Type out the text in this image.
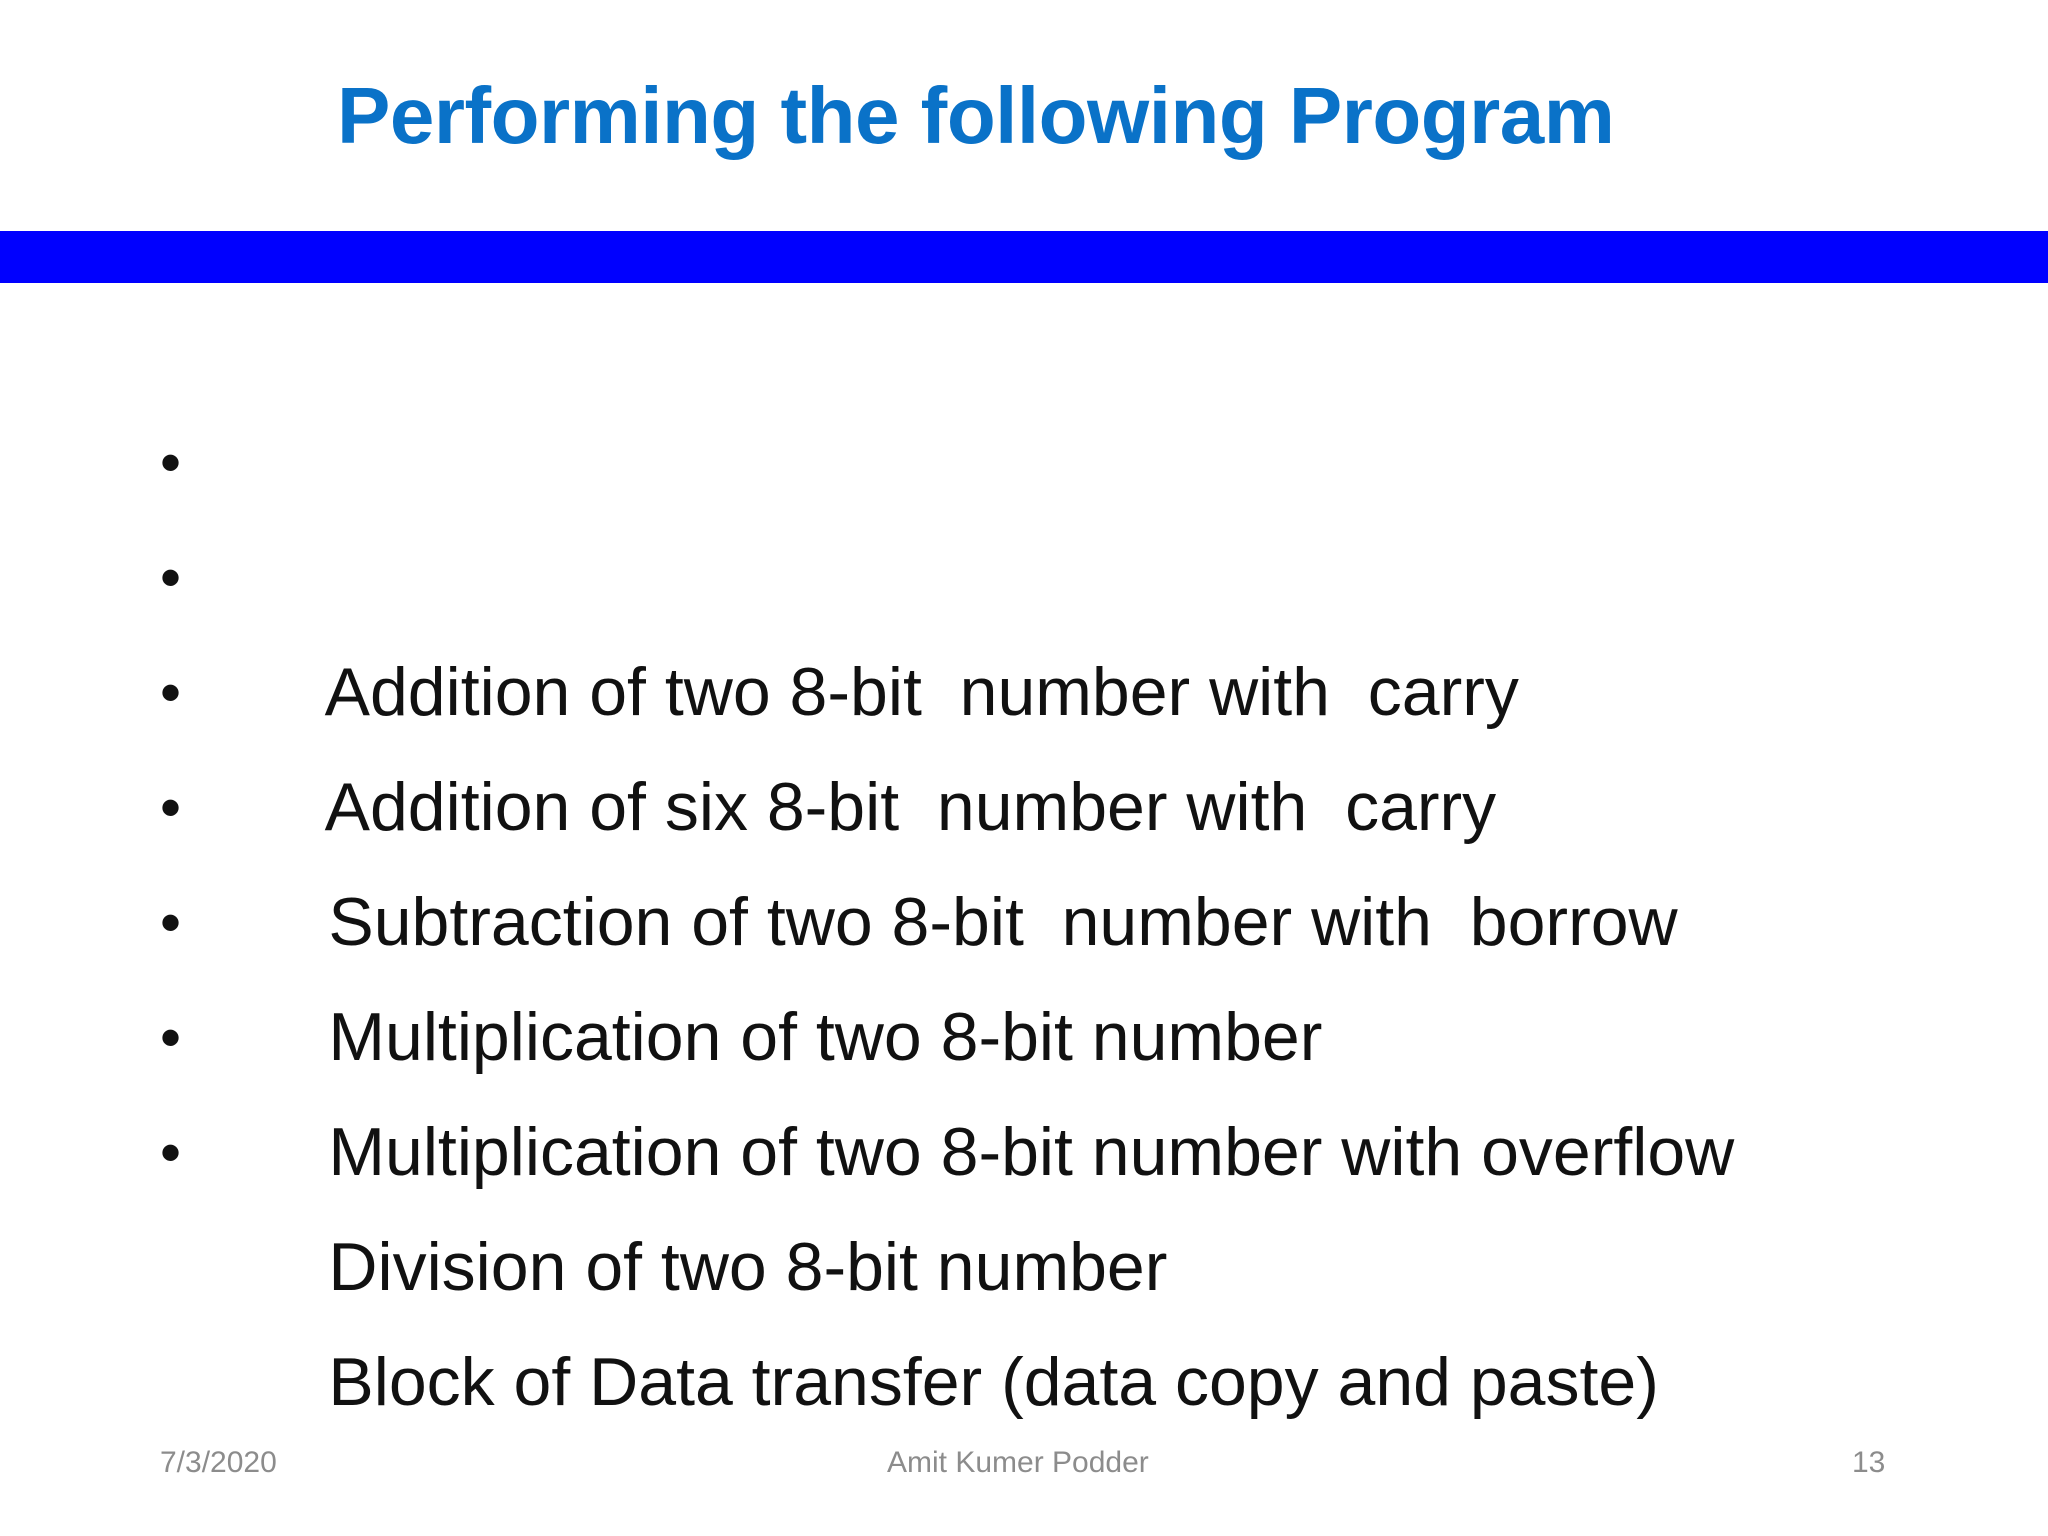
Performing the following Program

•

Addition of two 8-bit  number with  carry

•

Addition of six 8-bit  number with  carry

•

Subtraction of two 8-bit  number with  borrow

•

Multiplication of two 8-bit number

•

Multiplication of two 8-bit number with overflow

•

Division of two 8-bit number

•

Block of Data transfer (data copy and paste)

7/3/2020	Amit Kumer Podder	13
